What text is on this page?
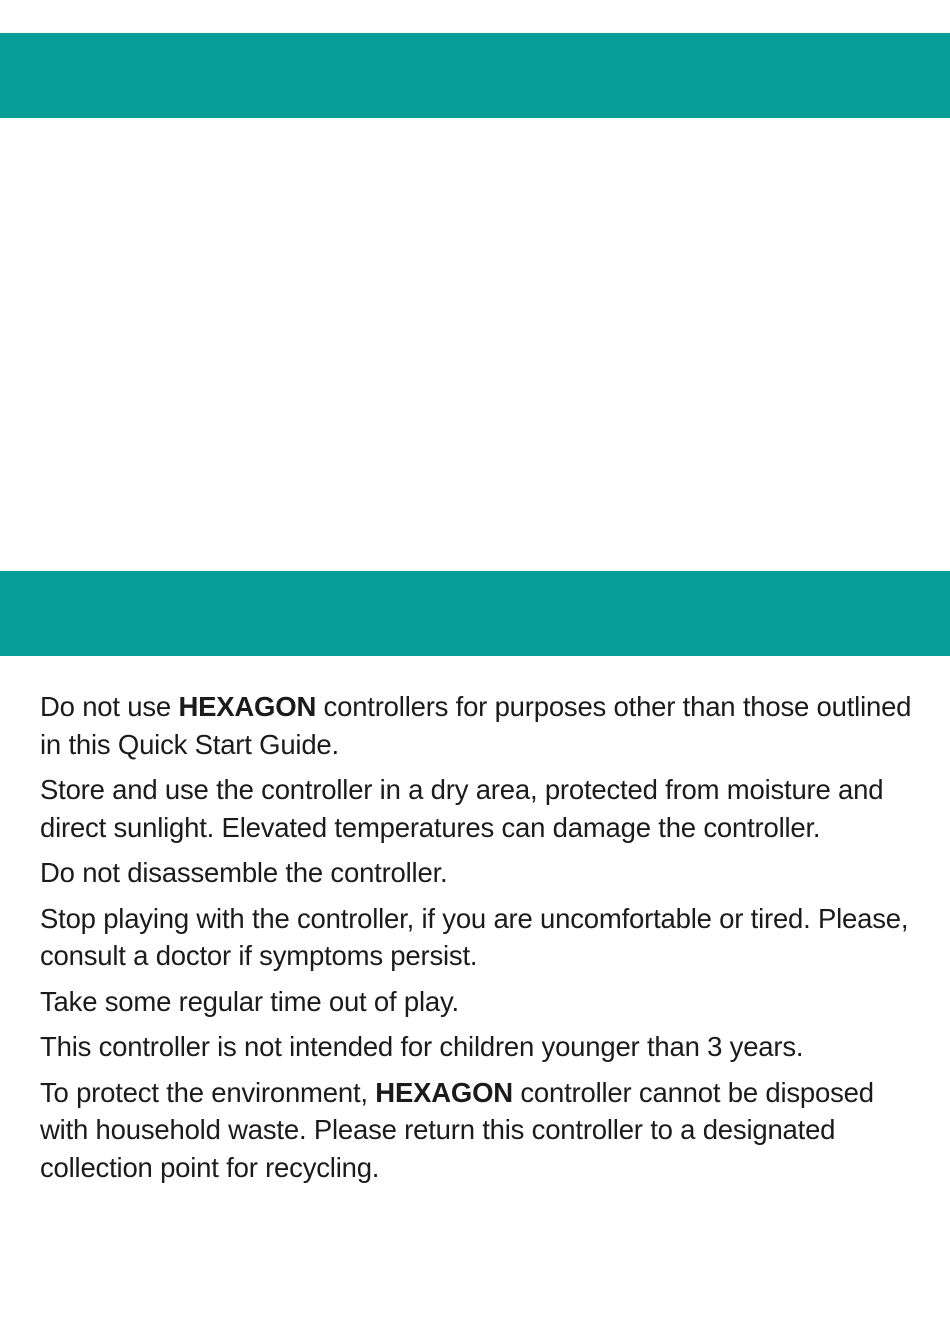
Do not use HEXAGON controllers for purposes other than those outlined in this Quick Start Guide.

Store and use the controller in a dry area, protected from moisture and direct sunlight. Elevated temperatures can damage the controller.

Do not disassemble the controller.

Stop playing with the controller, if you are uncomfortable or tired. Please, consult a doctor if symptoms persist.

Take some regular time out of play.

This controller is not intended for children younger than 3 years.

To protect the environment, HEXAGON controller cannot be disposed with household waste. Please return this controller to a designated collection point for recycling.
